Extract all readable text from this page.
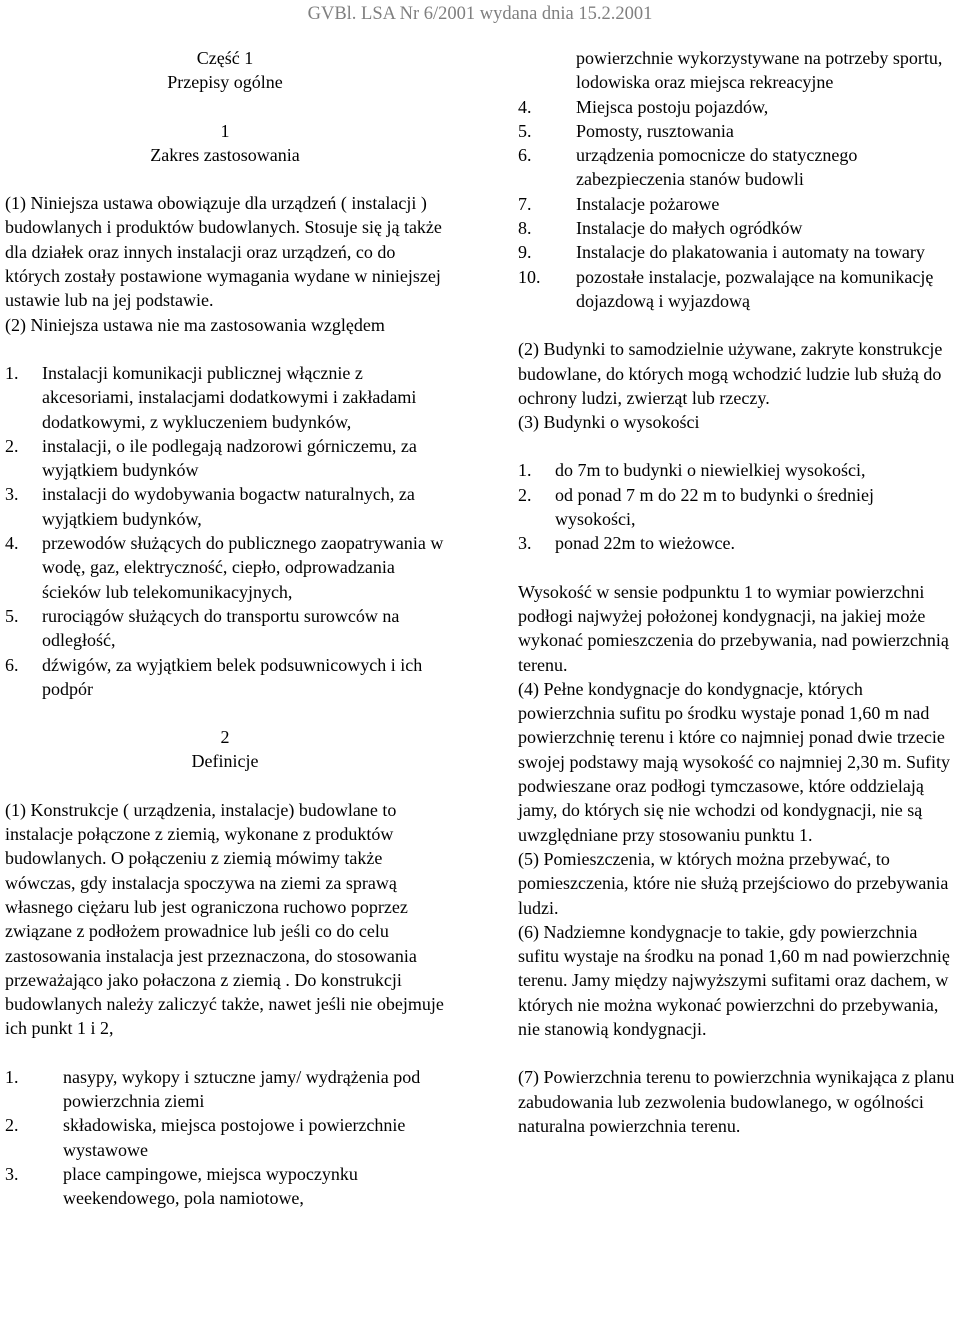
GVBl. LSA Nr 6/2001 wydana dnia 15.2.2001

Część 1

Przepisy ogólne

1

Zakres zastosowania

(1) Niniejsza ustawa obowiązuje dla urządzeń ( instalacji ) budowlanych i produktów budowlanych. Stosuje się ją także dla działek oraz innych instalacji oraz urządzeń, co do których zostały postawione wymagania wydane w niniejszej ustawie lub na jej podstawie.

(2) Niniejsza ustawa nie ma zastosowania względem

1. Instalacji komunikacji publicznej włącznie z akcesoriami, instalacjami dodatkowymi i zakładami dodatkowymi, z wykluczeniem budynków,
2. instalacji, o ile podlegają nadzorowi górniczemu, za wyjątkiem budynków
3. instalacji do wydobywania bogactw naturalnych, za wyjątkiem budynków,
4. przewodów służących do publicznego zaopatrywania w wodę, gaz, elektryczność, ciepło, odprowadzania ścieków lub telekomunikacyjnych,
5. rurociągów służących do transportu surowców na odległość,
6. dźwigów, za wyjątkiem belek podsuwnicowych i ich podpór

2

Definicje

(1) Konstrukcje ( urządzenia, instalacje) budowlane to instalacje połączone z ziemią, wykonane z produktów budowlanych. O połączeniu z ziemią mówimy także wówczas, gdy instalacja spoczywa na ziemi za sprawą własnego ciężaru lub jest ograniczona ruchowo poprzez związane z podłożem prowadnice lub jeśli co do celu zastosowania instalacja jest przeznaczona, do stosowania przeważająco jako połaczona z ziemią . Do konstrukcji budowlanych należy zaliczyć także, nawet jeśli nie obejmuje ich punkt 1 i 2,

1. nasypy, wykopy i sztuczne jamy/ wydrążenia pod powierzchnia ziemi
2. składowiska, miejsca postojowe i powierzchnie wystawowe
3. place campingowe, miejsca wypoczynku weekendowego, pola namiotowe,

powierzchnie wykorzystywane na potrzeby sportu, lodowiska oraz miejsca rekreacyjne

4. Miejsca postoju pojazdów,
5. Pomosty, rusztowania
6. urządzenia pomocnicze do statycznego zabezpieczenia stanów budowli
7. Instalacje pożarowe
8. Instalacje do małych ogródków
9. Instalacje do plakatowania i automaty na towary
10. pozostałe instalacje, pozwalające na komunikację dojazdową i wyjazdową

(2) Budynki to samodzielnie używane, zakryte konstrukcje budowlane, do których mogą wchodzić ludzie lub służą do ochrony ludzi, zwierząt lub rzeczy.

(3) Budynki o wysokości

1. do 7m to budynki o niewielkiej wysokości,
2. od ponad 7 m do 22 m to budynki o średniej wysokości,
3. ponad 22m to wieżowce.

Wysokość w sensie podpunktu 1 to wymiar powierzchni podłogi najwyżej położonej kondygnacji, na jakiej może wykonać pomieszczenia do przebywania, nad powierzchnią terenu.

(4) Pełne kondygnacje do kondygnacje, których powierzchnia sufitu po środku wystaje ponad 1,60 m nad powierzchnię terenu i które co najmniej ponad dwie trzecie swojej podstawy mają wysokość co najmniej 2,30 m. Sufity podwieszane oraz podłogi tymczasowe, które oddzielają jamy, do których się nie wchodzi od kondygnacji, nie są uwzględniane przy stosowaniu punktu 1.

(5) Pomieszczenia, w których można przebywać, to pomieszczenia, które nie służą przejściowo do przebywania ludzi.

(6) Nadziemne kondygnacje to takie, gdy powierzchnia sufitu wystaje na środku na ponad 1,60 m nad powierzchnię terenu. Jamy między najwyższymi sufitami oraz dachem, w których nie można wykonać powierzchni do przebywania, nie stanowią kondygnacji.

(7) Powierzchnia terenu to powierzchnia wynikająca z planu zabudowania lub zezwolenia budowlanego, w ogólności naturalna powierzchnia terenu.
